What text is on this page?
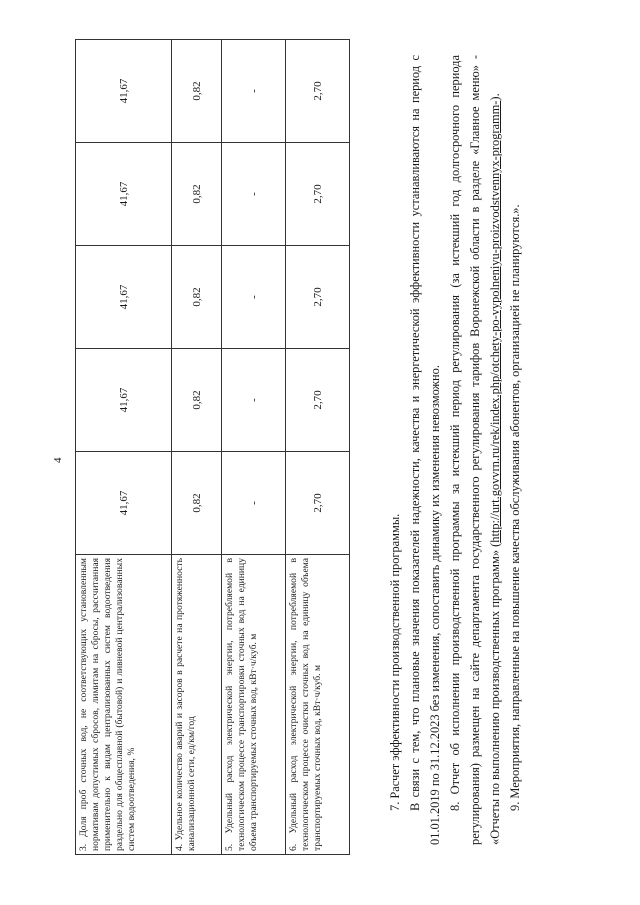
4
3. Доля проб сточных вод, не соответствующих установленным нормативам допустимых сбросов, лимитам на сбросы, рассчитанная применительно к видам централизованных систем водоотведения раздельно для общесплавной (бытовой) и ливневой централизованных систем водоотведения, %	41,67	41,67	41,67	41,67	41,67
4. Удельное количество аварий и засоров в расчете на протяженность канализационной сети, ед/км/год	0,82	0,82	0,82	0,82	0,82
5. Удельный расход электрической энергии, потребляемой в технологическом процессе транспортировки сточных вод на единицу объема транспортируемых сточных вод, кВт·ч/куб. м	-	-	-	-	-
6. Удельный расход электрической энергии, потребляемой в технологическом процессе очистки сточных вод на единицу объема транспортируемых сточных вод, кВт·ч/куб. м	2,70	2,70	2,70	2,70	2,70

7. Расчет эффективности производственной программы. В связи с тем, что плановые значения показателей надежности, качества и энергетической эффективности устанавливаются на период с 01.01.2019 по 31.12.2023 без изменения, сопоставить динамику их изменения невозможно. 8. Отчет об исполнении производственной программы за истекший период регулирования (за истекший год долгосрочного периода регулирования) размещен на сайте департамента государственного регулирования тарифов Воронежской области в разделе «Главное меню» - «Отчеты по выполнению производственных программ» (http://urt.govvrn.ru/rek/index.php/otchety-po-vypolneniyu-proizvodstvennyx-programm-).

9. Мероприятия, направленные на повышение качества обслуживания абонентов, организацией не планируются.».
